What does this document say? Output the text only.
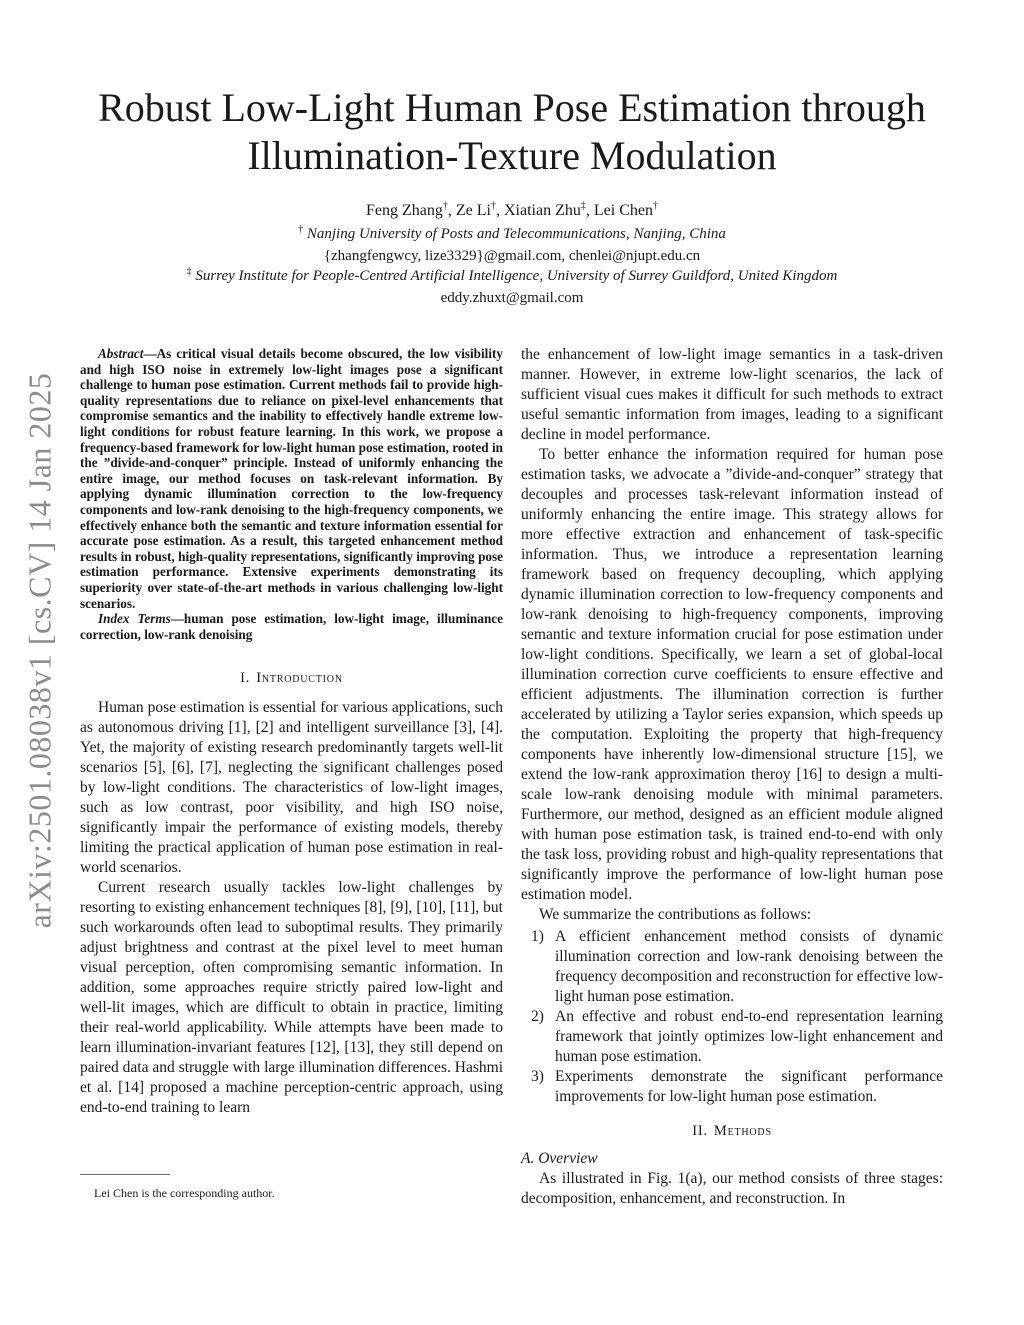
arXiv:2501.08038v1 [cs.CV] 14 Jan 2025
Robust Low-Light Human Pose Estimation through
Illumination-Texture Modulation
Feng Zhang†, Ze Li†, Xiatian Zhu‡, Lei Chen†
† Nanjing University of Posts and Telecommunications, Nanjing, China
{zhangfengwcy, lize3329}@gmail.com, chenlei@njupt.edu.cn
‡ Surrey Institute for People-Centred Artificial Intelligence, University of Surrey Guildford, United Kingdom
eddy.zhuxt@gmail.com

Abstract—As critical visual details become obscured, the low visibility and high ISO noise in extremely low-light images pose a significant challenge to human pose estimation. Current methods fail to provide high-quality representations due to reliance on pixel-level enhancements that compromise semantics and the inability to effectively handle extreme low-light conditions for robust feature learning. In this work, we propose a frequency-based framework for low-light human pose estimation, rooted in the ”divide-and-conquer” principle. Instead of uniformly enhancing the entire image, our method focuses on task-relevant information. By applying dynamic illumination correction to the low-frequency components and low-rank denoising to the high-frequency components, we effectively enhance both the semantic and texture information essential for accurate pose estimation. As a result, this targeted enhancement method results in robust, high-quality representations, significantly improving pose estimation performance. Extensive experiments demonstrating its superiority over state-of-the-art methods in various challenging low-light scenarios.

Index Terms—human pose estimation, low-light image, illuminance correction, low-rank denoising

I. Introduction

Human pose estimation is essential for various applications, such as autonomous driving [1], [2] and intelligent surveillance [3], [4]. Yet, the majority of existing research predominantly targets well-lit scenarios [5], [6], [7], neglecting the significant challenges posed by low-light conditions. The characteristics of low-light images, such as low contrast, poor visibility, and high ISO noise, significantly impair the performance of existing models, thereby limiting the practical application of human pose estimation in real-world scenarios.

Current research usually tackles low-light challenges by resorting to existing enhancement techniques [8], [9], [10], [11], but such workarounds often lead to suboptimal results. They primarily adjust brightness and contrast at the pixel level to meet human visual perception, often compromising semantic information. In addition, some approaches require strictly paired low-light and well-lit images, which are difficult to obtain in practice, limiting their real-world applicability. While attempts have been made to learn illumination-invariant features [12], [13], they still depend on paired data and struggle with large illumination differences. Hashmi et al. [14] proposed a machine perception-centric approach, using end-to-end training to learn

the enhancement of low-light image semantics in a task-driven manner. However, in extreme low-light scenarios, the lack of sufficient visual cues makes it difficult for such methods to extract useful semantic information from images, leading to a significant decline in model performance.

To better enhance the information required for human pose estimation tasks, we advocate a ”divide-and-conquer” strategy that decouples and processes task-relevant information instead of uniformly enhancing the entire image. This strategy allows for more effective extraction and enhancement of task-specific information. Thus, we introduce a representation learning framework based on frequency decoupling, which applying dynamic illumination correction to low-frequency components and low-rank denoising to high-frequency components, improving semantic and texture information crucial for pose estimation under low-light conditions. Specifically, we learn a set of global-local illumination correction curve coefficients to ensure effective and efficient adjustments. The illumination correction is further accelerated by utilizing a Taylor series expansion, which speeds up the computation. Exploiting the property that high-frequency components have inherently low-dimensional structure [15], we extend the low-rank approximation theroy [16] to design a multi-scale low-rank denoising module with minimal parameters. Furthermore, our method, designed as an efficient module aligned with human pose estimation task, is trained end-to-end with only the task loss, providing robust and high-quality representations that significantly improve the performance of low-light human pose estimation model.

We summarize the contributions as follows:

1) A efficient enhancement method consists of dynamic illumination correction and low-rank denoising between the frequency decomposition and reconstruction for effective low-light human pose estimation.
2) An effective and robust end-to-end representation learning framework that jointly optimizes low-light enhancement and human pose estimation.
3) Experiments demonstrate the significant performance improvements for low-light human pose estimation.
II. Methods

A. Overview

As illustrated in Fig. 1(a), our method consists of three stages: decomposition, enhancement, and reconstruction. In

Lei Chen is the corresponding author.
